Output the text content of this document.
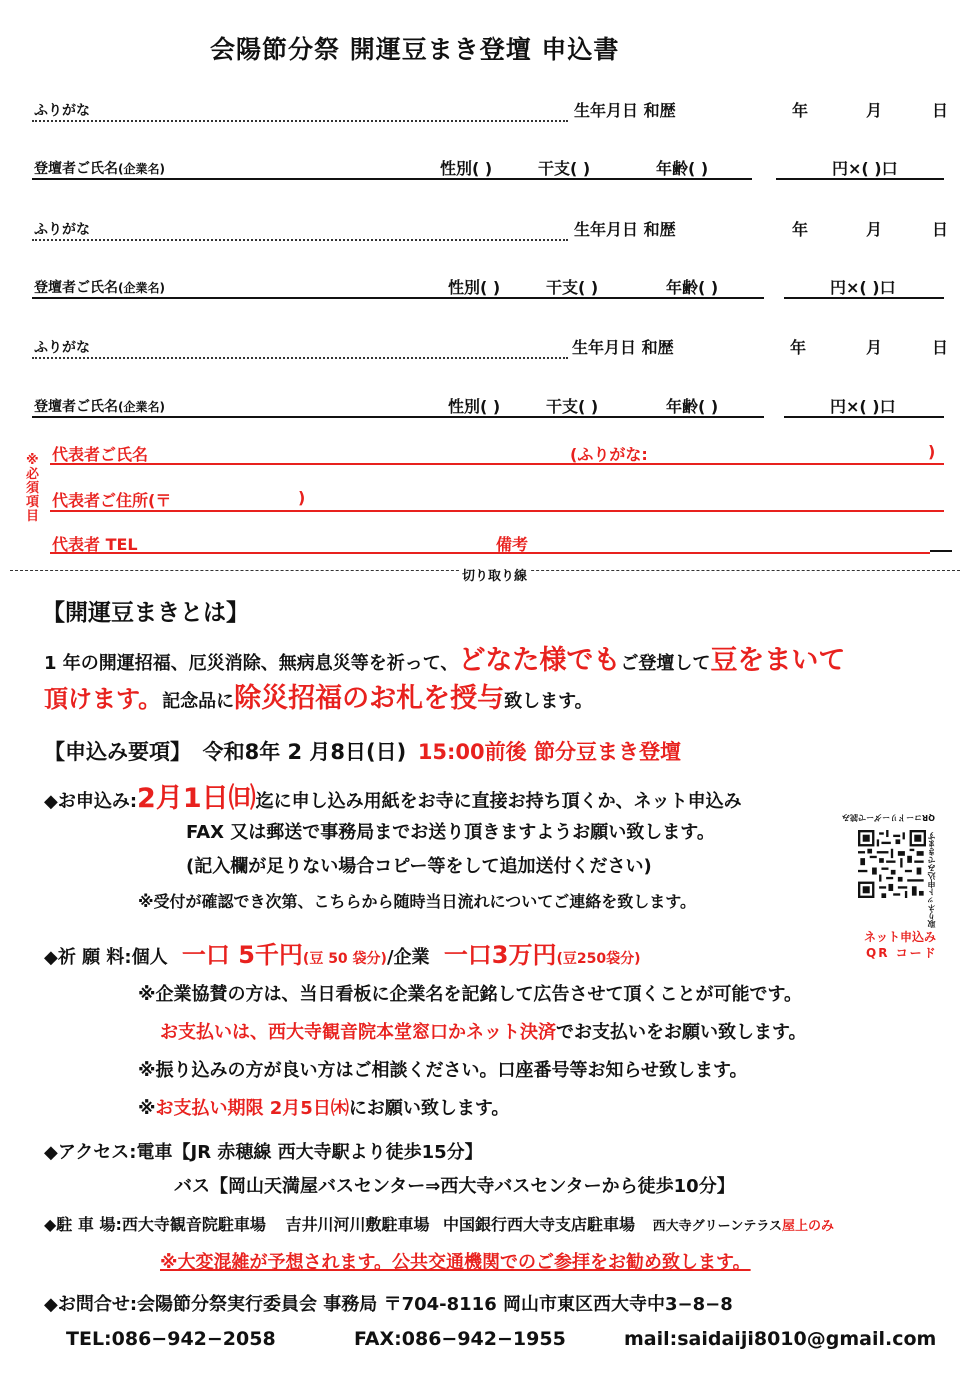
会陽節分祭 開運豆まき登壇 申込書
ふりがな	生年月日 和歴	年	月	日
登壇者ご氏名(企業名)	性別( )	干支( )	年齢( )	円×( )口
ふりがな	生年月日 和歴	年	月	日
登壇者ご氏名(企業名)	性別( )	干支( )	年齢( )	円×( )口
ふりがな	生年月日 和歴	年	月	日
登壇者ご氏名(企業名)	性別( )	干支( )	年齢( )	円×( )口
※必須項目
代表者ご氏名	(ふりがな:	)
代表者ご住所(〒	)
代表者 TEL	備考
切り取り線
【開運豆まきとは】
1 年の開運招福、厄災消除、無病息災等を祈って、どなた様でもご登壇して豆をまいて
頂けます。記念品に除災招福のお札を授与致します。
【申込み要項】 令和8年 2 月8日(日) 15:00前後 節分豆まき登壇
◆お申込み:2月1日㈰迄に申し込み用紙をお寺に直接お持ち頂くか、ネット申込み
FAX 又は郵送で事務局までお送り頂きますようお願い致します。
(記入欄が足りない場合コピー等をして追加送付ください)
※受付が確認でき次第、こちらから随時当日流れについてご連絡を致します。
QRコードリーダーで読み
取りネット申込みできます
ネット申込み
QR コード
◆祈 願 料:個人 一口 5千円(豆 50 袋分)/企業 一口3万円(豆250袋分)
※企業協賛の方は、当日看板に企業名を記銘して広告させて頂くことが可能です。
お支払いは、西大寺観音院本堂窓口かネット決済でお支払いをお願い致します。
※振り込みの方が良い方はご相談ください。口座番号等お知らせ致します。
※お支払い期限 2月5日㈭にお願い致します。
◆アクセス:電車【JR 赤穂線 西大寺駅より徒歩15分】
バス【岡山天満屋バスセンター⇒西大寺バスセンターから徒歩10分】
◆駐 車 場:西大寺観音院駐車場 吉井川河川敷駐車場 中国銀行西大寺支店駐車場 西大寺グリーンテラス屋上のみ
※大変混雑が予想されます。公共交通機関でのご参拝をお勧め致します。
◆お問合せ:会陽節分祭実行委員会 事務局 〒704-8116 岡山市東区西大寺中3−8−8
TEL:086−942−2058	FAX:086−942−1955	mail:saidaiji8010@gmail.com
